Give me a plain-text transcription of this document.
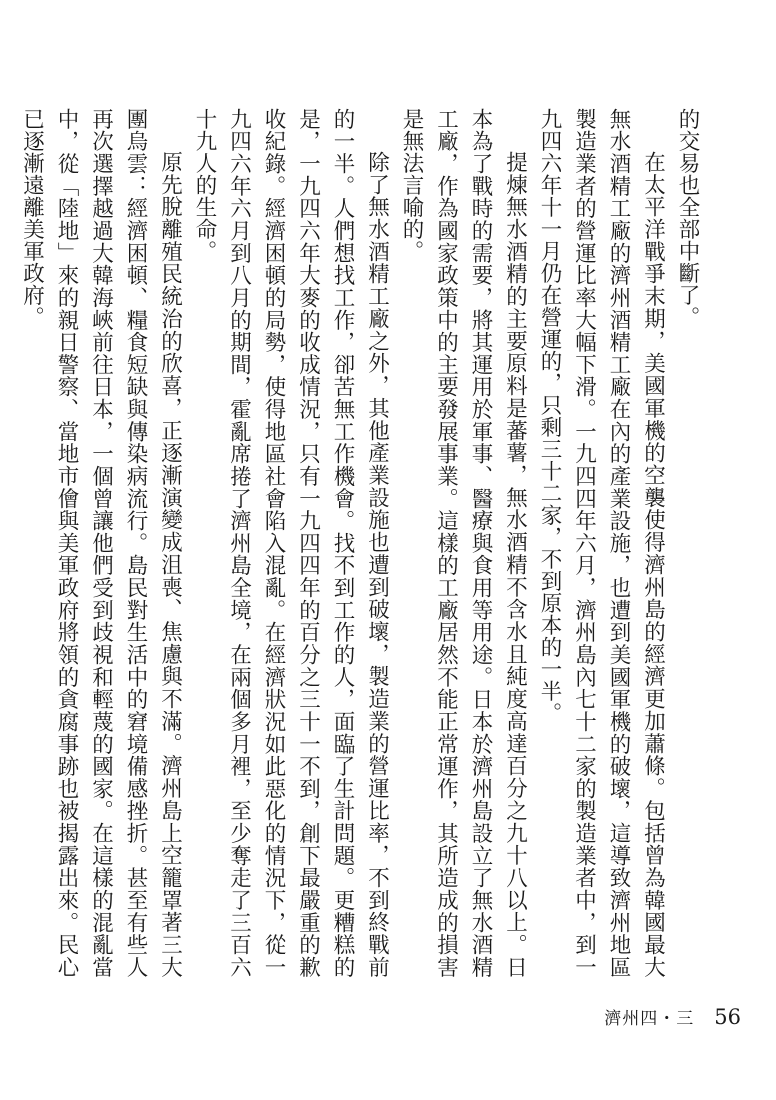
的交易也全部中斷了。

在太平洋戰爭末期，美國軍機的空襲使得濟州島的經濟更加蕭條。包括曾為韓國最大無水酒精工廠的濟州酒精工廠在內的產業設施，也遭到美國軍機的破壞，這導致濟州地區製造業者的營運比率大幅下滑。一九四四年六月，濟州島內七十二家的製造業者中，到一九四六年十一月仍在營運的，只剩三十二家，不到原本的一半。

提煉無水酒精的主要原料是蕃薯，無水酒精不含水且純度高達百分之九十八以上。日本為了戰時的需要，將其運用於軍事、醫療與食用等用途。日本於濟州島設立了無水酒精工廠，作為國家政策中的主要發展事業。這樣的工廠居然不能正常運作，其所造成的損害是無法言喻的。

除了無水酒精工廠之外，其他產業設施也遭到破壞，製造業的營運比率，不到終戰前的一半。人們想找工作，卻苦無工作機會。找不到工作的人，面臨了生計問題。更糟糕的是，一九四六年大麥的收成情況，只有一九四四年的百分之三十一不到，創下最嚴重的歉收紀錄。經濟困頓的局勢，使得地區社會陷入混亂。在經濟狀況如此惡化的情況下，從一九四六年六月到八月的期間，霍亂席捲了濟州島全境，在兩個多月裡，至少奪走了三百六十九人的生命。

原先脫離殖民統治的欣喜，正逐漸演變成沮喪、焦慮與不滿。濟州島上空籠罩著三大團烏雲：經濟困頓、糧食短缺與傳染病流行。島民對生活中的窘境備感挫折。甚至有些人再次選擇越過大韓海峽前往日本，一個曾讓他們受到歧視和輕蔑的國家。在這樣的混亂當中，從「陸地」來的親日警察、當地市儈與美軍政府將領的貪腐事跡也被揭露出來。民心已逐漸遠離美軍政府。

濟州四・三 56
